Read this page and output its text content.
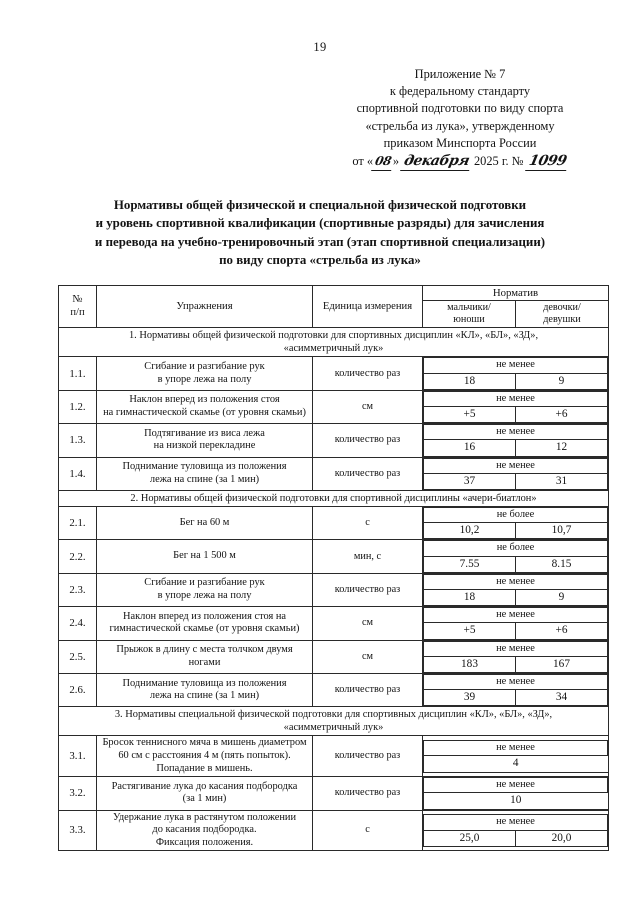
19
Приложение № 7
к федеральному стандарту
спортивной подготовки по виду спорта
«стрельба из лука», утвержденному
приказом Минспорта России
от «08» декабря 2025 г. № 1099
Нормативы общей физической и специальной физической подготовки
и уровень спортивной квалификации (спортивные разряды) для зачисления
и перевода на учебно-тренировочный этап (этап спортивной специализации)
по виду спорта «стрельба из лука»
№
п/п	Упражнения	Единица измерения	Норматив
мальчики/
юноши	девочки/
девушки
1. Нормативы общей физической подготовки для спортивных дисциплин «КЛ», «БЛ», «ЗД»,
«асимметричный лук»
1.1.	Сгибание и разгибание рук
в упоре лежа на полу	количество раз	
не менее
18	9

1.2.	Наклон вперед из положения стоя
на гимнастической скамье (от уровня скамьи)	см	
не менее
+5	+6

1.3.	Подтягивание из виса лежа
на низкой перекладине	количество раз	
не менее
16	12

1.4.	Поднимание туловища из положения
лежа на спине (за 1 мин)	количество раз	
не менее
37	31

2. Нормативы общей физической подготовки для спортивной дисциплины «ачери-биатлон»
2.1.	Бег на 60 м	с	
не более
10,2	10,7

2.2.	Бег на 1 500 м	мин, с	
не более
7.55	8.15

2.3.	Сгибание и разгибание рук
в упоре лежа на полу	количество раз	
не менее
18	9

2.4.	Наклон вперед из положения стоя на
гимнастической скамье (от уровня скамьи)	см	
не менее
+5	+6

2.5.	Прыжок в длину с места толчком двумя
ногами	см	
не менее
183	167

2.6.	Поднимание туловища из положения
лежа на спине (за 1 мин)	количество раз	
не менее
39	34

3. Нормативы специальной физической подготовки для спортивных дисциплин «КЛ», «БЛ», «ЗД»,
«асимметричный лук»
3.1.	Бросок теннисного мяча в мишень диаметром
60 см с расстояния 4 м (пять попыток).
Попадание в мишень.	количество раз	
не менее
4

3.2.	Растягивание лука до касания подбородка
(за 1 мин)	количество раз	
не менее
10

3.3.	Удержание лука в растянутом положении
до касания подбородка.
Фиксация положения.	с	
не менее
25,0	20,0
